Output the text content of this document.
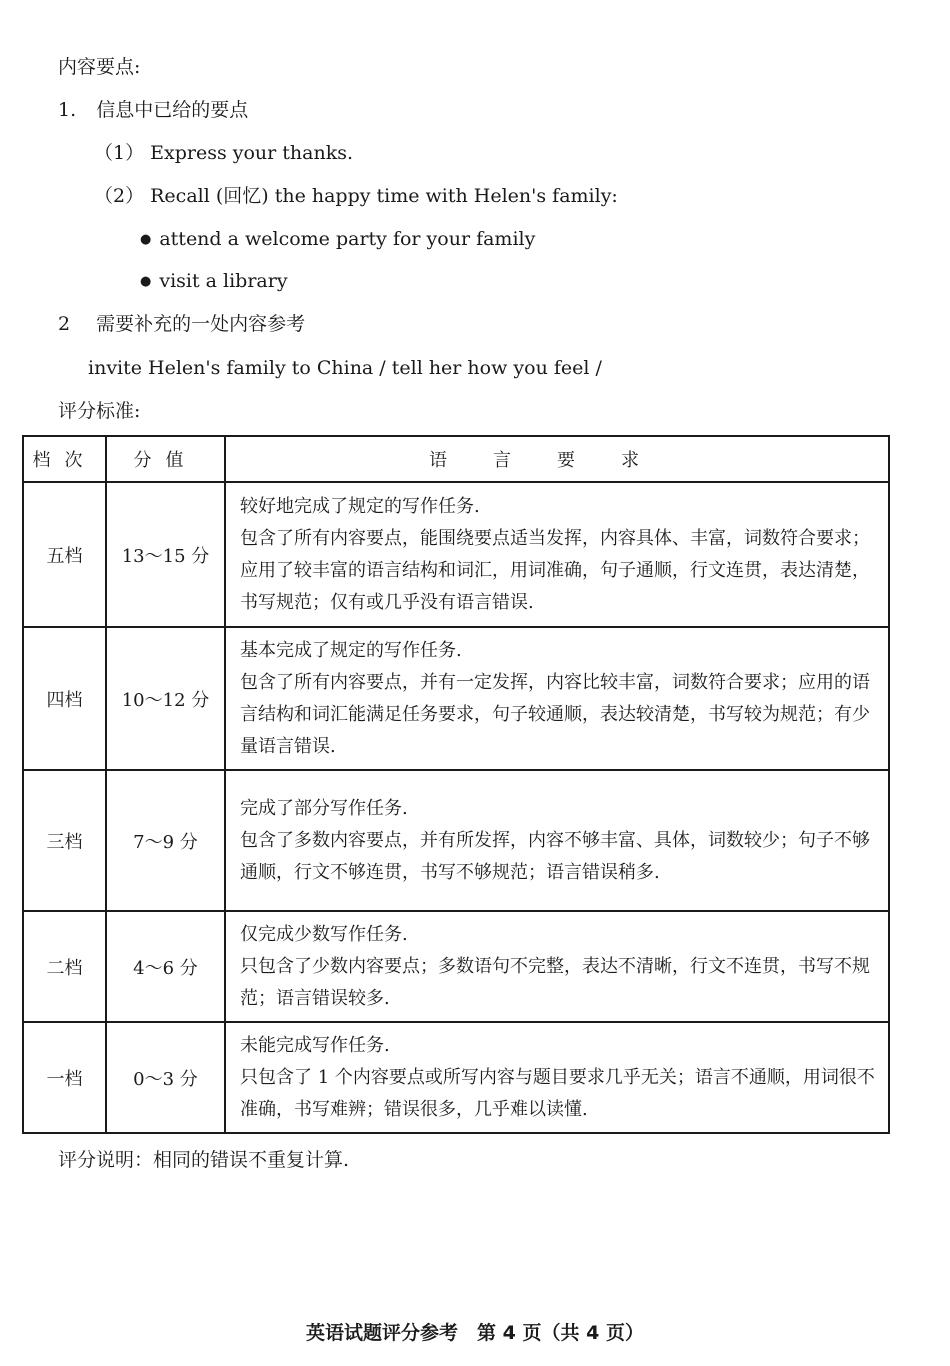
内容要点:
1. 信息中已给的要点
（1） Express your thanks.
（2） Recall (回忆) the happy time with Helen's family:
● attend a welcome party for your family
● visit a library
2 需要补充的一处内容参考
invite Helen's family to China / tell her how you feel /
评分标准:
档次	分值	语言要求
五档	13～15 分	较好地完成了规定的写作任务.

包含了所有内容要点，能围绕要点适当发挥，内容具体、丰富，词数符合要求；应用了较丰富的语言结构和词汇，用词准确，句子通顺，行文连贯，表达清楚，书写规范；仅有或几乎没有语言错误.

四档	10～12 分	基本完成了规定的写作任务.

包含了所有内容要点，并有一定发挥，内容比较丰富，词数符合要求；应用的语言结构和词汇能满足任务要求，句子较通顺，表达较清楚，书写较为规范；有少量语言错误.

三档	7～9 分	完成了部分写作任务.

包含了多数内容要点，并有所发挥，内容不够丰富、具体，词数较少；句子不够通顺，行文不够连贯，书写不够规范；语言错误稍多.

二档	4～6 分	仅完成少数写作任务.

只包含了少数内容要点；多数语句不完整，表达不清晰，行文不连贯，书写不规范；语言错误较多.

一档	0～3 分	未能完成写作任务.

只包含了 1 个内容要点或所写内容与题目要求几乎无关；语言不通顺，用词很不准确，书写难辨；错误很多，几乎难以读懂.

评分说明：相同的错误不重复计算.
英语试题评分参考　第 4 页（共 4 页）
